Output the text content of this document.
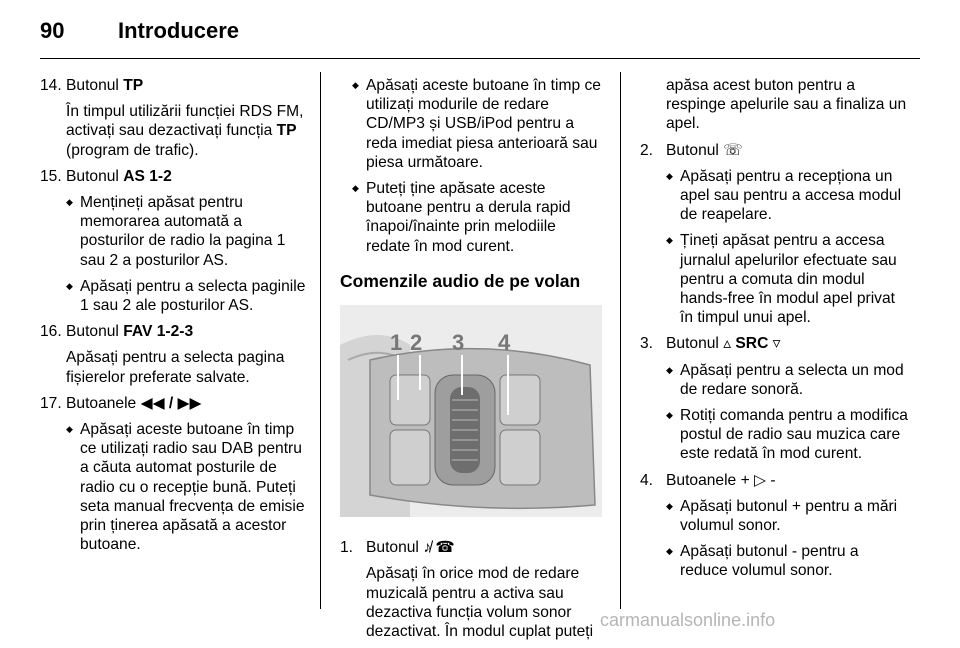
90 Introducere
14. Butonul TP
În timpul utilizării funcției RDS FM, activați sau dezactivați funcția TP (program de trafic).
15. Butonul AS 1-2
◆ Mențineți apăsat pentru memorarea automată a posturilor de radio la pagina 1 sau 2 a posturilor AS.
◆ Apăsați pentru a selecta paginile 1 sau 2 ale posturilor AS.
16. Butonul FAV 1-2-3
Apăsați pentru a selecta pagina fișierelor preferate salvate.
17. Butoanele ◀◀ / ▶▶
◆ Apăsați aceste butoane în timp ce utilizați radio sau DAB pentru a căuta automat posturile de radio cu o recepție bună. Puteți seta manual frecvența de emisie prin ținerea apăsată a acestor butoane.
◆ Apăsați aceste butoane în timp ce utilizați modurile de redare CD/MP3 și USB/iPod pentru a reda imediat piesa anterioară sau piesa următoare.
◆ Puteți ține apăsate aceste butoane pentru a derula rapid înapoi/înainte prin melodiile redate în mod curent.
Comenzile audio de pe volan
1 2 3 4
1. Butonul ♪̸ ☎
Apăsați în orice mod de redare muzicală pentru a activa sau dezactiva funcția volum sonor dezactivat. În modul cuplat puteți
apăsa acest buton pentru a respinge apelurile sau a finaliza un apel.
2. Butonul ☏
◆ Apăsați pentru a recepționa un apel sau pentru a accesa modul de reapelare.
◆ Țineți apăsat pentru a accesa jurnalul apelurilor efectuate sau pentru a comuta din modul hands-free în modul apel privat în timpul unui apel.
3. Butonul ▵ SRC ▿
◆ Apăsați pentru a selecta un mod de redare sonoră.
◆ Rotiți comanda pentru a modifica postul de radio sau muzica care este redată în mod curent.
4. Butoanele + ▷ -
◆ Apăsați butonul + pentru a mări volumul sonor.
◆ Apăsați butonul - pentru a reduce volumul sonor.
carmanualsonline.info
